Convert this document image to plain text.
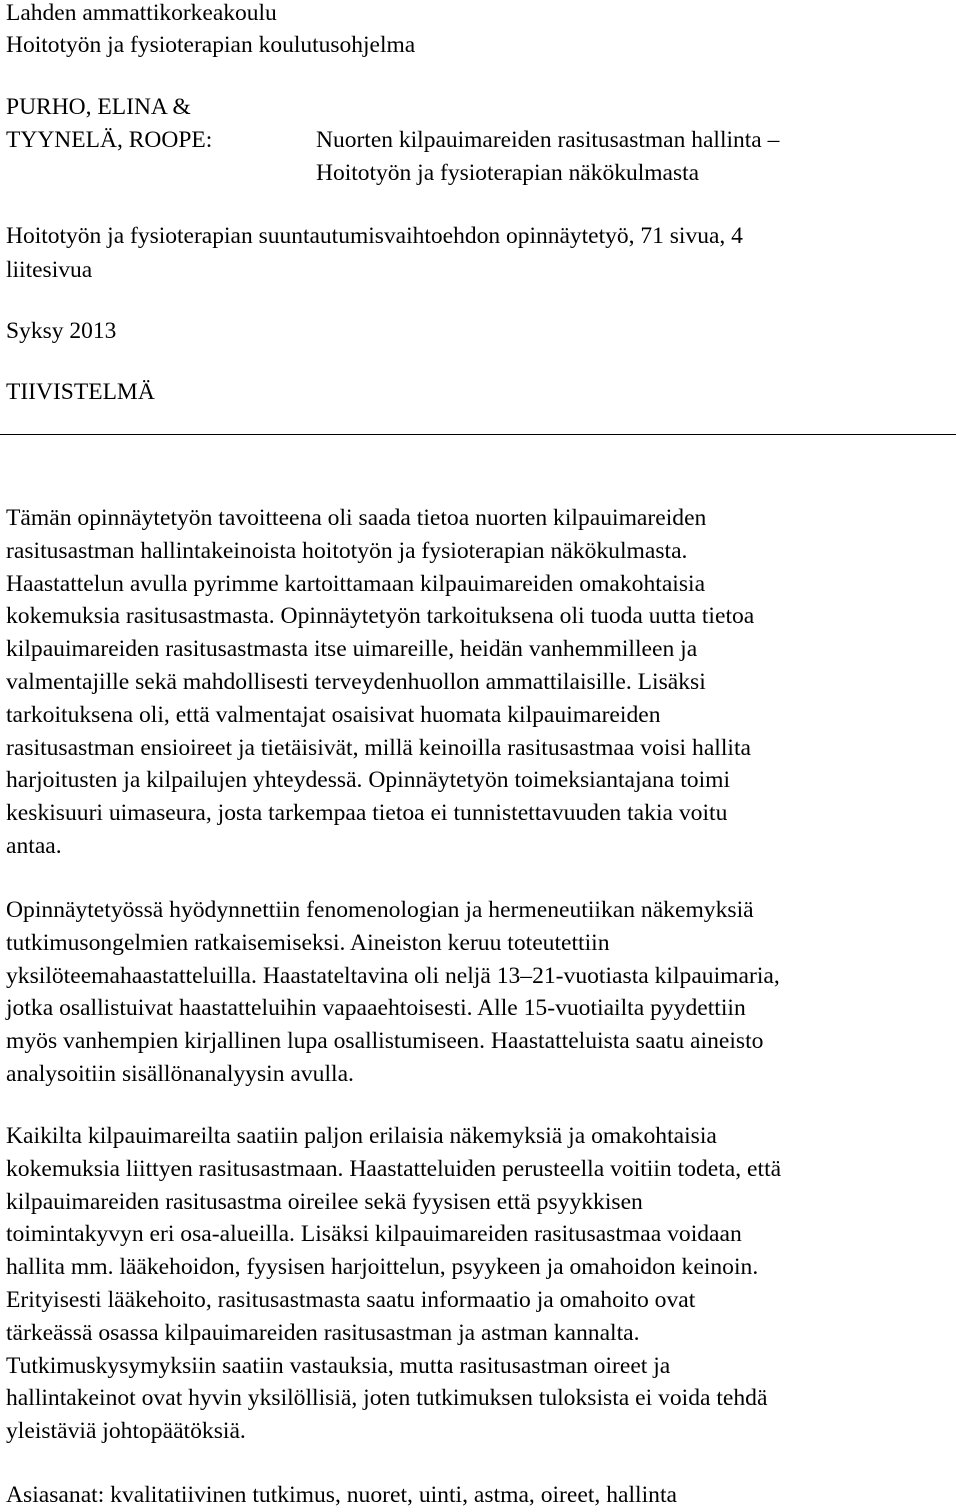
Lahden ammattikorkeakoulu
Hoitotyön ja fysioterapian koulutusohjelma
PURHO, ELINA &
TYYNELÄ, ROOPE:	Nuorten kilpauimareiden rasitusastman hallinta –
Hoitotyön ja fysioterapian näkökulmasta
Hoitotyön ja fysioterapian suuntautumisvaihtoehdon opinnäytetyö, 71 sivua, 4
liitesivua
Syksy 2013
TIIVISTELMÄ
Tämän opinnäytetyön tavoitteena oli saada tietoa nuorten kilpauimareiden
rasitusastman hallintakeinoista hoitotyön ja fysioterapian näkökulmasta.
Haastattelun avulla pyrimme kartoittamaan kilpauimareiden omakohtaisia
kokemuksia rasitusastmasta. Opinnäytetyön tarkoituksena oli tuoda uutta tietoa
kilpauimareiden rasitusastmasta itse uimareille, heidän vanhemmilleen ja
valmentajille sekä mahdollisesti terveydenhuollon ammattilaisille. Lisäksi
tarkoituksena oli, että valmentajat osaisivat huomata kilpauimareiden
rasitusastman ensioireet ja tietäisivät, millä keinoilla rasitusastmaa voisi hallita
harjoitusten ja kilpailujen yhteydessä. Opinnäytetyön toimeksiantajana toimi
keskisuuri uimaseura, josta tarkempaa tietoa ei tunnistettavuuden takia voitu
antaa.
Opinnäytetyössä hyödynnettiin fenomenologian ja hermeneutiikan näkemyksiä
tutkimusongelmien ratkaisemiseksi. Aineiston keruu toteutettiin
yksilöteemahaastatteluilla. Haastateltavina oli neljä 13–21-vuotiasta kilpauimaria,
jotka osallistuivat haastatteluihin vapaaehtoisesti. Alle 15-vuotiailta pyydettiin
myös vanhempien kirjallinen lupa osallistumiseen. Haastatteluista saatu aineisto
analysoitiin sisällönanalyysin avulla.
Kaikilta kilpauimareilta saatiin paljon erilaisia näkemyksiä ja omakohtaisia
kokemuksia liittyen rasitusastmaan. Haastatteluiden perusteella voitiin todeta, että
kilpauimareiden rasitusastma oireilee sekä fyysisen että psyykkisen
toimintakyvyn eri osa-alueilla. Lisäksi kilpauimareiden rasitusastmaa voidaan
hallita mm. lääkehoidon, fyysisen harjoittelun, psyykeen ja omahoidon keinoin.
Erityisesti lääkehoito, rasitusastmasta saatu informaatio ja omahoito ovat
tärkeässä osassa kilpauimareiden rasitusastman ja astman kannalta.
Tutkimuskysymyksiin saatiin vastauksia, mutta rasitusastman oireet ja
hallintakeinot ovat hyvin yksilöllisiä, joten tutkimuksen tuloksista ei voida tehdä
yleistäviä johtopäätöksiä.
Asiasanat: kvalitatiivinen tutkimus, nuoret, uinti, astma, oireet, hallinta
